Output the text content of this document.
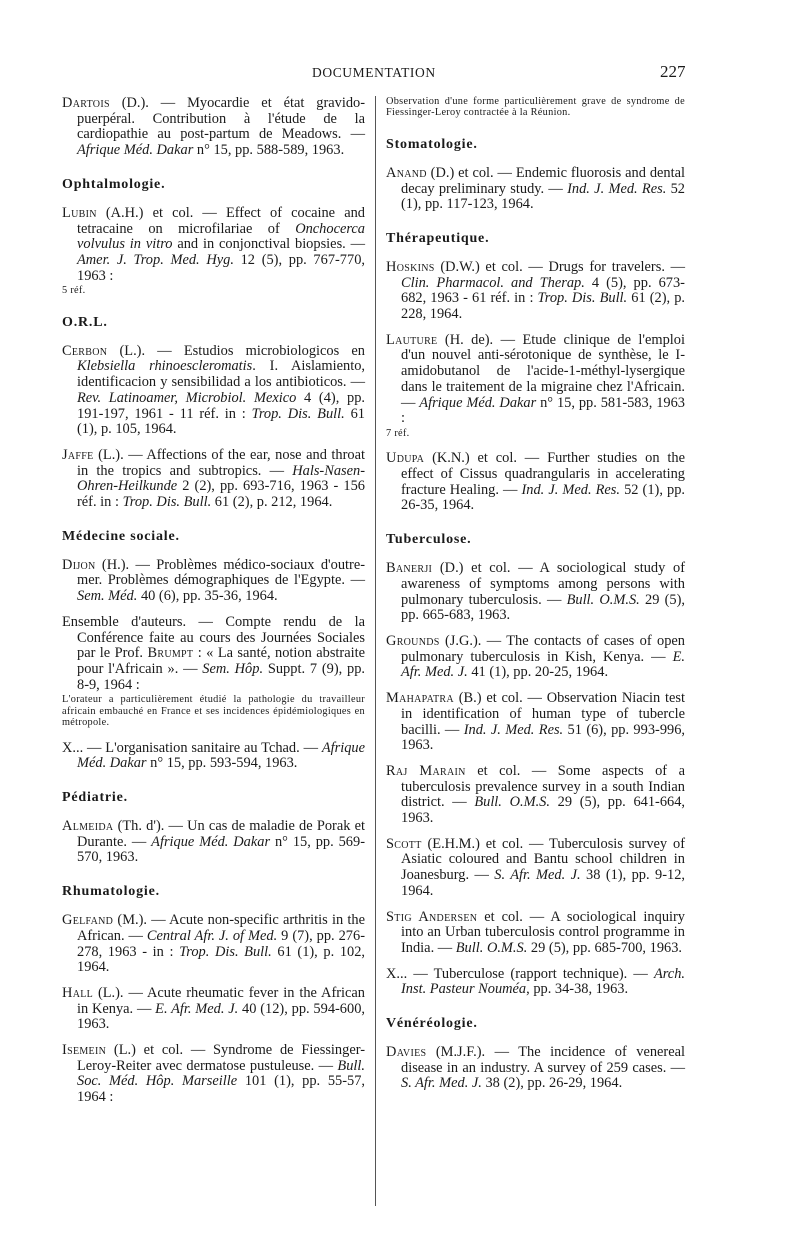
DOCUMENTATION	227

Dartois (D.). — Myocardie et état gravido-puerpéral. Contribution à l'étude de la cardiopathie au post-partum de Meadows. — Afrique Méd. Dakar n° 15, pp. 588-589, 1963.

Ophtalmologie.

Lubin (A.H.) et col. — Effect of cocaine and tetracaine on microfilariae of Onchocerca volvulus in vitro and in conjonctival biopsies. — Amer. J. Trop. Med. Hyg. 12 (5), pp. 767-770, 1963 :

5 réf.

O.R.L.

Cerbon (L.). — Estudios microbiologicos en Klebsiella rhinoescleromatis. I. Aislamiento, identificacion y sensibilidad a los antibioticos. — Rev. Latinoamer, Microbiol. Mexico 4 (4), pp. 191-197, 1961 - 11 réf. in : Trop. Dis. Bull. 61 (1), p. 105, 1964.

Jaffe (L.). — Affections of the ear, nose and throat in the tropics and subtropics. — Hals-Nasen-Ohren-Heilkunde 2 (2), pp. 693-716, 1963 - 156 réf. in : Trop. Dis. Bull. 61 (2), p. 212, 1964.

Médecine sociale.

Dijon (H.). — Problèmes médico-sociaux d'outre-mer. Problèmes démographiques de l'Egypte. — Sem. Méd. 40 (6), pp. 35-36, 1964.

Ensemble d'auteurs. — Compte rendu de la Conférence faite au cours des Journées Sociales par le Prof. Brumpt : « La santé, notion abstraite pour l'Africain ». — Sem. Hôp. Suppt. 7 (9), pp. 8-9, 1964 :

L'orateur a particulièrement étudié la pathologie du travailleur africain embauché en France et ses incidences épidémiologiques en métropole.

X... — L'organisation sanitaire au Tchad. — Afrique Méd. Dakar n° 15, pp. 593-594, 1963.

Pédiatrie.

Almeida (Th. d'). — Un cas de maladie de Porak et Durante. — Afrique Méd. Dakar n° 15, pp. 569-570, 1963.

Rhumatologie.

Gelfand (M.). — Acute non-specific arthritis in the African. — Central Afr. J. of Med. 9 (7), pp. 276-278, 1963 - in : Trop. Dis. Bull. 61 (1), p. 102, 1964.

Hall (L.). — Acute rheumatic fever in the African in Kenya. — E. Afr. Med. J. 40 (12), pp. 594-600, 1963.

Isemein (L.) et col. — Syndrome de Fiessinger-Leroy-Reiter avec dermatose pustuleuse. — Bull. Soc. Méd. Hôp. Marseille 101 (1), pp. 55-57, 1964 :

Observation d'une forme particulièrement grave de syndrome de Fiessinger-Leroy contractée à la Réunion.

Stomatologie.

Anand (D.) et col. — Endemic fluorosis and dental decay preliminary study. — Ind. J. Med. Res. 52 (1), pp. 117-123, 1964.

Thérapeutique.

Hoskins (D.W.) et col. — Drugs for travelers. — Clin. Pharmacol. and Therap. 4 (5), pp. 673-682, 1963 - 61 réf. in : Trop. Dis. Bull. 61 (2), p. 228, 1964.

Lauture (H. de). — Etude clinique de l'emploi d'un nouvel anti-sérotonique de synthèse, le I-amidobutanol de l'acide-1-méthyl-lysergique dans le traitement de la migraine chez l'Africain. — Afrique Méd. Dakar n° 15, pp. 581-583, 1963 :

7 réf.

Udupa (K.N.) et col. — Further studies on the effect of Cissus quadrangularis in accelerating fracture Healing. — Ind. J. Med. Res. 52 (1), pp. 26-35, 1964.

Tuberculose.

Banerji (D.) et col. — A sociological study of awareness of symptoms among persons with pulmonary tuberculosis. — Bull. O.M.S. 29 (5), pp. 665-683, 1963.

Grounds (J.G.). — The contacts of cases of open pulmonary tuberculosis in Kish, Kenya. — E. Afr. Med. J. 41 (1), pp. 20-25, 1964.

Mahapatra (B.) et col. — Observation Niacin test in identification of human type of tubercle bacilli. — Ind. J. Med. Res. 51 (6), pp. 993-996, 1963.

Raj Marain et col. — Some aspects of a tuberculosis prevalence survey in a south Indian district. — Bull. O.M.S. 29 (5), pp. 641-664, 1963.

Scott (E.H.M.) et col. — Tuberculosis survey of Asiatic coloured and Bantu school children in Joanesburg. — S. Afr. Med. J. 38 (1), pp. 9-12, 1964.

Stig Andersen et col. — A sociological inquiry into an Urban tuberculosis control programme in India. — Bull. O.M.S. 29 (5), pp. 685-700, 1963.

X... — Tuberculose (rapport technique). — Arch. Inst. Pasteur Nouméa, pp. 34-38, 1963.

Vénéréologie.

Davies (M.J.F.). — The incidence of venereal disease in an industry. A survey of 259 cases. — S. Afr. Med. J. 38 (2), pp. 26-29, 1964.
